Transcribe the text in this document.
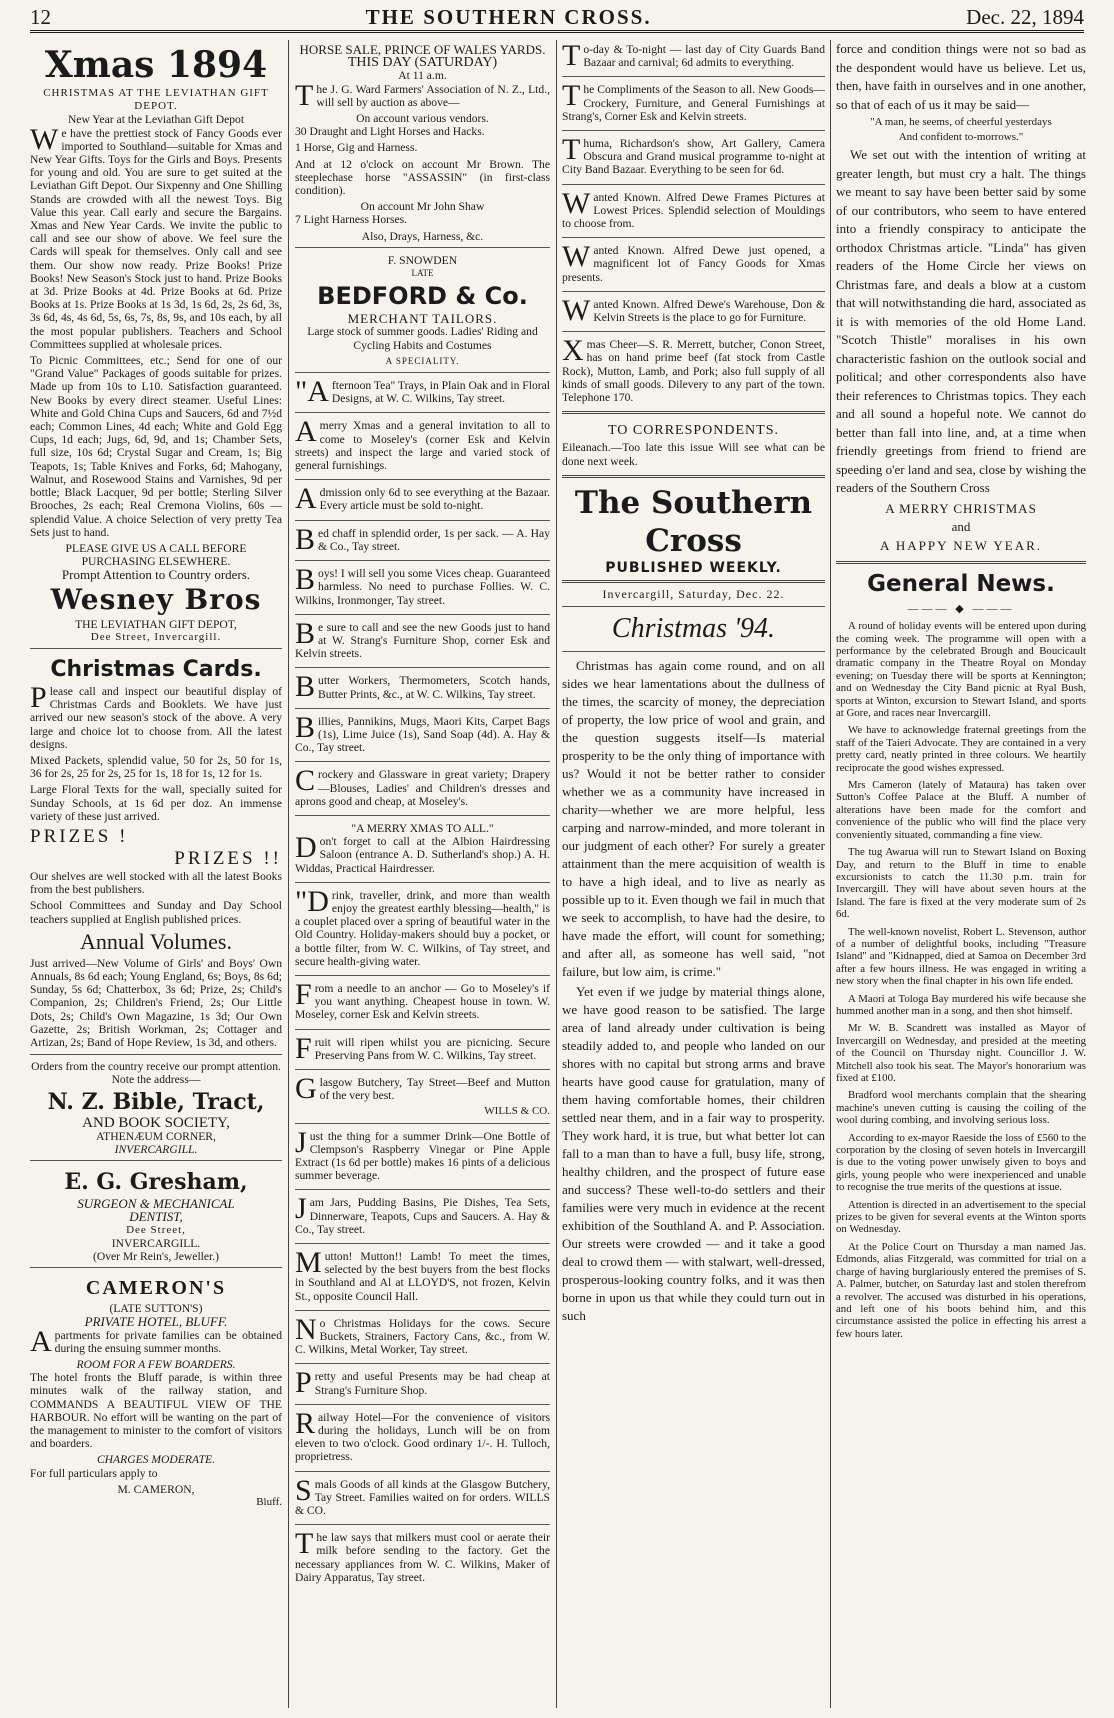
12	THE SOUTHERN CROSS.	Dec. 22, 1894
Xmas 1894
CHRISTMAS AT THE LEVIATHAN GIFT DEPOT.
New Year at the Leviathan Gift Depot

We have the prettiest stock of Fancy Goods ever imported to Southland—suitable for Xmas and New Year Gifts. Toys for the Girls and Boys. Presents for young and old. You are sure to get suited at the Leviathan Gift Depot. Our Sixpenny and One Shilling Stands are crowded with all the newest Toys. Big Value this year. Call early and secure the Bargains. Xmas and New Year Cards. We invite the public to call and see our show of above. We feel sure the Cards will speak for themselves. Only call and see them. Our show now ready. Prize Books! Prize Books! New Season's Stock just to hand. Prize Books at 3d. Prize Books at 4d. Prize Books at 6d. Prize Books at 1s. Prize Books at 1s 3d, 1s 6d, 2s, 2s 6d, 3s, 3s 6d, 4s, 4s 6d, 5s, 6s, 7s, 8s, 9s, and 10s each, by all the most popular publishers. Teachers and School Committees supplied at wholesale prices.

To Picnic Committees, etc.; Send for one of our "Grand Value" Packages of goods suitable for prizes. Made up from 10s to L10. Satisfaction guaranteed. New Books by every direct steamer. Useful Lines: White and Gold China Cups and Saucers, 6d and 7½d each; Common Lines, 4d each; White and Gold Egg Cups, 1d each; Jugs, 6d, 9d, and 1s; Chamber Sets, full size, 10s 6d; Crystal Sugar and Cream, 1s; Big Teapots, 1s; Table Knives and Forks, 6d; Mahogany, Walnut, and Rosewood Stains and Varnishes, 9d per bottle; Black Lacquer, 9d per bottle; Sterling Silver Brooches, 2s each; Real Cremona Violins, 60s — splendid Value. A choice Selection of very pretty Tea Sets just to hand.

PLEASE GIVE US A CALL BEFORE PURCHASING ELSEWHERE.
Prompt Attention to Country orders.
Wesney Bros
THE LEVIATHAN GIFT DEPOT,
Dee Street, Invercargill.
Christmas Cards.

Please call and inspect our beautiful display of Christmas Cards and Booklets. We have just arrived our new season's stock of the above. A very large and choice lot to choose from. All the latest designs.

Mixed Packets, splendid value, 50 for 2s, 50 for 1s, 36 for 2s, 25 for 2s, 25 for 1s, 18 for 1s, 12 for 1s.

Large Floral Texts for the wall, specially suited for Sunday Schools, at 1s 6d per doz. An immense variety of these just arrived.

PRIZES !
PRIZES !!

Our shelves are well stocked with all the latest Books from the best publishers.

School Committees and Sunday and Day School teachers supplied at English published prices.

Annual Volumes.

Just arrived—New Volume of Girls' and Boys' Own Annuals, 8s 6d each; Young England, 6s; Boys, 8s 6d; Sunday, 5s 6d; Chatterbox, 3s 6d; Prize, 2s; Child's Companion, 2s; Children's Friend, 2s; Our Little Dots, 2s; Child's Own Magazine, 1s 3d; Our Own Gazette, 2s; British Workman, 2s; Cottager and Artizan, 2s; Band of Hope Review, 1s 3d, and others.

Orders from the country receive our prompt attention.
Note the address—
N. Z. Bible, Tract,
AND BOOK SOCIETY,
ATHENÆUM CORNER,
INVERCARGILL.
E. G. Gresham,
SURGEON & MECHANICAL
DENTIST,
Dee Street,
INVERCARGILL.
(Over Mr Rein's, Jeweller.)
CAMERON'S
(LATE SUTTON'S)
PRIVATE HOTEL, BLUFF.

Apartments for private families can be obtained during the ensuing summer months.

ROOM FOR A FEW BOARDERS.

The hotel fronts the Bluff parade, is within three minutes walk of the railway station, and COMMANDS A BEAUTIFUL VIEW OF THE HARBOUR. No effort will be wanting on the part of the management to minister to the comfort of visitors and boarders.

CHARGES MODERATE.

For full particulars apply to

M. CAMERON,
Bluff.
HORSE SALE, PRINCE OF WALES YARDS.
THIS DAY (SATURDAY)
At 11 a.m.

The J. G. Ward Farmers' Association of N. Z., Ltd., will sell by auction as above—

On account various vendors.

30 Draught and Light Horses and Hacks.

1 Horse, Gig and Harness.

And at 12 o'clock on account Mr Brown. The steeplechase horse "ASSASSIN" (in first-class condition).

On account Mr John Shaw

7 Light Harness Horses.

Also, Drays, Harness, &c.
F. SNOWDEN
LATE
BEDFORD & Co.
MERCHANT TAILORS.

Large stock of summer goods. Ladies' Riding and Cycling Habits and Costumes

A SPECIALITY.

"Afternoon Tea" Trays, in Plain Oak and in Floral Designs, at W. C. Wilkins, Tay street.

Amerry Xmas and a general invitation to all to come to Moseley's (corner Esk and Kelvin streets) and inspect the large and varied stock of general furnishings.

Admission only 6d to see everything at the Bazaar. Every article must be sold to-night.

Bed chaff in splendid order, 1s per sack. — A. Hay & Co., Tay street.

Boys! I will sell you some Vices cheap. Guaranteed harmless. No need to purchase Follies. W. C. Wilkins, Ironmonger, Tay street.

Be sure to call and see the new Goods just to hand at W. Strang's Furniture Shop, corner Esk and Kelvin streets.

Butter Workers, Thermometers, Scotch hands, Butter Prints, &c., at W. C. Wilkins, Tay street.

Billies, Pannikins, Mugs, Maori Kits, Carpet Bags (1s), Lime Juice (1s), Sand Soap (4d). A. Hay & Co., Tay street.

Crockery and Glassware in great variety; Drapery—Blouses, Ladies' and Children's dresses and aprons good and cheap, at Moseley's.

"A MERRY XMAS TO ALL."

Don't forget to call at the Albion Hairdressing Saloon (entrance A. D. Sutherland's shop.) A. H. Widdas, Practical Hairdresser.

"Drink, traveller, drink, and more than wealth enjoy the greatest earthly blessing—health," is a couplet placed over a spring of beautiful water in the Old Country. Holiday-makers should buy a pocket, or a bottle filter, from W. C. Wilkins, of Tay street, and secure health-giving water.

From a needle to an anchor — Go to Moseley's if you want anything. Cheapest house in town. W. Moseley, corner Esk and Kelvin streets.

Fruit will ripen whilst you are picnicing. Secure Preserving Pans from W. C. Wilkins, Tay street.

Glasgow Butchery, Tay Street—Beef and Mutton of the very best.

WILLS & CO.

Just the thing for a summer Drink—One Bottle of Clempson's Raspberry Vinegar or Pine Apple Extract (1s 6d per bottle) makes 16 pints of a delicious summer beverage.

Jam Jars, Pudding Basins, Pie Dishes, Tea Sets, Dinnerware, Teapots, Cups and Saucers. A. Hay & Co., Tay street.

Mutton! Mutton!! Lamb! To meet the times, selected by the best buyers from the best flocks in Southland and Al at LLOYD'S, not frozen, Kelvin St., opposite Council Hall.

No Christmas Holidays for the cows. Secure Buckets, Strainers, Factory Cans, &c., from W. C. Wilkins, Metal Worker, Tay street.

Pretty and useful Presents may be had cheap at Strang's Furniture Shop.

Railway Hotel—For the convenience of visitors during the holidays, Lunch will be on from eleven to two o'clock. Good ordinary 1/-. H. Tulloch, proprietress.

Smals Goods of all kinds at the Glasgow Butchery, Tay Street. Families waited on for orders. WILLS & CO.

The law says that milkers must cool or aerate their milk before sending to the factory. Get the necessary appliances from W. C. Wilkins, Maker of Dairy Apparatus, Tay street.

To-day & To-night — last day of City Guards Band Bazaar and carnival; 6d admits to everything.

The Compliments of the Season to all. New Goods—Crockery, Furniture, and General Furnishings at Strang's, Corner Esk and Kelvin streets.

Thuma, Richardson's show, Art Gallery, Camera Obscura and Grand musical programme to-night at City Band Bazaar. Everything to be seen for 6d.

Wanted Known. Alfred Dewe Frames Pictures at Lowest Prices. Splendid selection of Mouldings to choose from.

Wanted Known. Alfred Dewe just opened, a magnificent lot of Fancy Goods for Xmas presents.

Wanted Known. Alfred Dewe's Warehouse, Don & Kelvin Streets is the place to go for Furniture.

Xmas Cheer—S. R. Merrett, butcher, Conon Street, has on hand prime beef (fat stock from Castle Rock), Mutton, Lamb, and Pork; also full supply of all kinds of small goods. Dilevery to any part of the town. Telephone 170.

TO CORRESPONDENTS.

Eileanach.—Too late this issue Will see what can be done next week.

The Southern Cross
PUBLISHED WEEKLY.
Invercargill, Saturday, Dec. 22.
Christmas '94.

Christmas has again come round, and on all sides we hear lamentations about the dullness of the times, the scarcity of money, the depreciation of property, the low price of wool and grain, and the question suggests itself—Is material prosperity to be the only thing of importance with us? Would it not be better rather to consider whether we as a community have increased in charity—whether we are more helpful, less carping and narrow-minded, and more tolerant in our judgment of each other? For surely a greater attainment than the mere acquisition of wealth is to have a high ideal, and to live as nearly as possible up to it. Even though we fail in much that we seek to accomplish, to have had the desire, to have made the effort, will count for something; and after all, as someone has well said, "not failure, but low aim, is crime."

Yet even if we judge by material things alone, we have good reason to be satisfied. The large area of land already under cultivation is being steadily added to, and people who landed on our shores with no capital but strong arms and brave hearts have good cause for gratulation, many of them having comfortable homes, their children settled near them, and in a fair way to prosperity. They work hard, it is true, but what better lot can fall to a man than to have a full, busy life, strong, healthy children, and the prospect of future ease and success? These well-to-do settlers and their families were very much in evidence at the recent exhibition of the Southland A. and P. Association. Our streets were crowded — and it take a good deal to crowd them — with stalwart, well-dressed, prosperous-looking country folks, and it was then borne in upon us that while they could turn out in such

force and condition things were not so bad as the despondent would have us believe. Let us, then, have faith in ourselves and in one another, so that of each of us it may be said—

"A man, he seems, of cheerful yesterdays
And confident to-morrows."

We set out with the intention of writing at greater length, but must cry a halt. The things we meant to say have been better said by some of our contributors, who seem to have entered into a friendly conspiracy to anticipate the orthodox Christmas article. "Linda" has given readers of the Home Circle her views on Christmas fare, and deals a blow at a custom that will notwithstanding die hard, associated as it is with memories of the old Home Land. "Scotch Thistle" moralises in his own characteristic fashion on the outlook social and political; and other correspondents also have their references to Christmas topics. They each and all sound a hopeful note. We cannot do better than fall into line, and, at a time when friendly greetings from friend to friend are speeding o'er land and sea, close by wishing the readers of the Southern Cross

A MERRY CHRISTMAS
and
A HAPPY NEW YEAR.
General News.
——— ◆ ———

A round of holiday events will be entered upon during the coming week. The programme will open with a performance by the celebrated Brough and Boucicault dramatic company in the Theatre Royal on Monday evening; on Tuesday there will be sports at Kennington; and on Wednesday the City Band picnic at Ryal Bush, sports at Winton, excursion to Stewart Island, and sports at Gore, and races near Invercargill.

We have to acknowledge fraternal greetings from the staff of the Taieri Advocate. They are contained in a very pretty card, neatly printed in three colours. We heartily reciprocate the good wishes expressed.

Mrs Cameron (lately of Mataura) has taken over Sutton's Coffee Palace at the Bluff. A number of alterations have been made for the comfort and convenience of the public who will find the place very conveniently situated, commanding a fine view.

The tug Awarua will run to Stewart Island on Boxing Day, and return to the Bluff in time to enable excursionists to catch the 11.30 p.m. train for Invercargill. They will have about seven hours at the Island. The fare is fixed at the very moderate sum of 2s 6d.

The well-known novelist, Robert L. Stevenson, author of a number of delightful books, including "Treasure Island" and "Kidnapped, died at Samoa on December 3rd after a few hours illness. He was engaged in writing a new story when the final chapter in his own life ended.

A Maori at Tologa Bay murdered his wife because she hummed another man in a song, and then shot himself.

Mr W. B. Scandrett was installed as Mayor of Invercargill on Wednesday, and presided at the meeting of the Council on Thursday night. Councillor J. W. Mitchell also took his seat. The Mayor's honorarium was fixed at £100.

Bradford wool merchants complain that the shearing machine's uneven cutting is causing the coiling of the wool during combing, and involving serious loss.

According to ex-mayor Raeside the loss of £560 to the corporation by the closing of seven hotels in Invercargill is due to the voting power unwisely given to boys and girls, young people who were inexperienced and unable to recognise the true merits of the questions at issue.

Attention is directed in an advertisement to the special prizes to be given for several events at the Winton sports on Wednesday.

At the Police Court on Thursday a man named Jas. Edmonds, alias Fitzgerald, was committed for trial on a charge of having burglariously entered the premises of S. A. Palmer, butcher, on Saturday last and stolen therefrom a revolver. The accused was disturbed in his operations, and left one of his boots behind him, and this circumstance assisted the police in effecting his arrest a few hours later.
